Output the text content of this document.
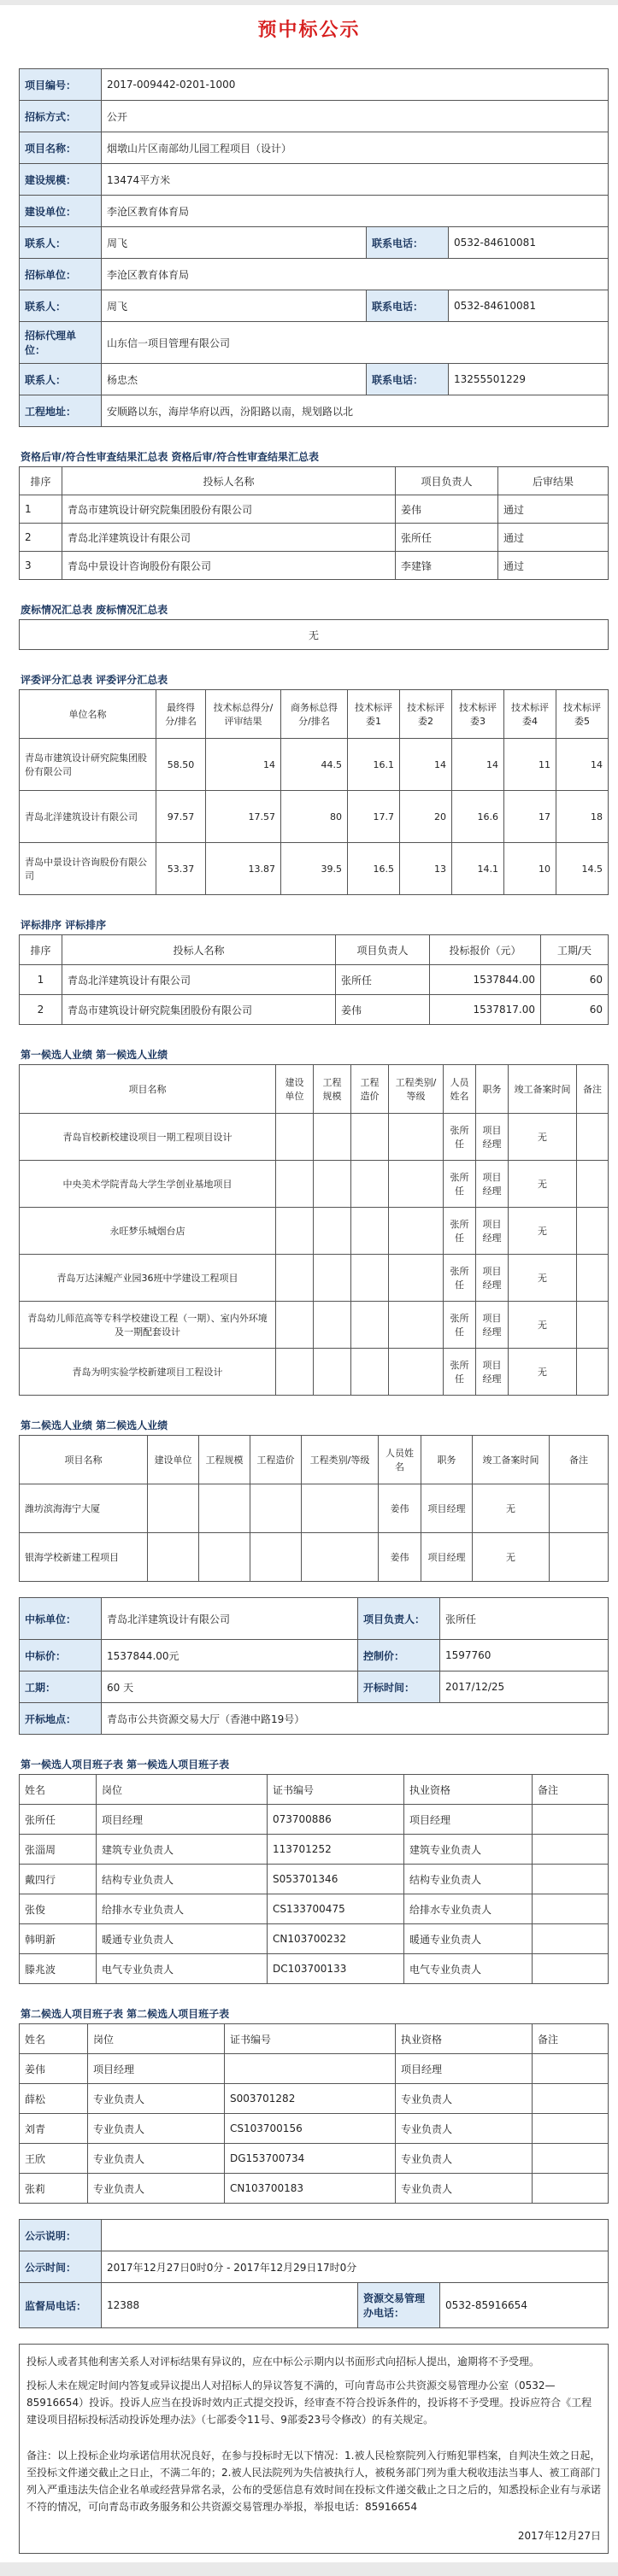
预中标公示
项目编号：	2017-009442-0201-1000		
招标方式：	公开		
项目名称：	烟墩山片区南部幼儿园工程项目（设计）		
建设规模：	13474平方米		
建设单位：	李沧区教育体育局		
联系人：	周飞	联系电话：	0532-84610081
招标单位：	李沧区教育体育局		
联系人：	周飞	联系电话：	0532-84610081
招标代理单位：	山东信一项目管理有限公司		
联系人：	杨忠杰	联系电话：	13255501229
工程地址：	安顺路以东，海岸华府以西，汾阳路以南，规划路以北		
资格后审/符合性审查结果汇总表 资格后审/符合性审查结果汇总表
排序	投标人名称	项目负责人	后审结果
1	青岛市建筑设计研究院集团股份有限公司	姜伟	通过
2	青岛北洋建筑设计有限公司	张所任	通过
3	青岛中景设计咨询股份有限公司	李建锋	通过
废标情况汇总表 废标情况汇总表
无
评委评分汇总表 评委评分汇总表
单位名称	最终得分/排名	技术标总得分/评审结果	商务标总得分/排名	技术标评委1	技术标评委2	技术标评委3	技术标评委4	技术标评委5
青岛市建筑设计研究院集团股份有限公司	58.50	14	44.5	16.1	14	14	11	14
青岛北洋建筑设计有限公司	97.57	17.57	80	17.7	20	16.6	17	18
青岛中景设计咨询股份有限公司	53.37	13.87	39.5	16.5	13	14.1	10	14.5
评标排序 评标排序
排序	投标人名称	项目负责人	投标报价（元）	工期/天
1	青岛北洋建筑设计有限公司	张所任	1537844.00	60
2	青岛市建筑设计研究院集团股份有限公司	姜伟	1537817.00	60
第一候选人业绩 第一候选人业绩
项目名称	建设单位	工程规模	工程造价	工程类别/等级	人员姓名	职务	竣工备案时间	备注
青岛盲校新校建设项目一期工程项目设计					张所任	项目经理	无	
中央美术学院青岛大学生学创业基地项目					张所任	项目经理	无	
永旺梦乐城烟台店					张所任	项目经理	无	
青岛万达涞鲲产业园36班中学建设工程项目					张所任	项目经理	无	
青岛幼儿师范高等专科学校建设工程（一期）、室内外环境及一期配套设计					张所任	项目经理	无	
青岛为明实验学校新建项目工程设计					张所任	项目经理	无	
第二候选人业绩 第二候选人业绩
项目名称	建设单位	工程规模	工程造价	工程类别/等级	人员姓名	职务	竣工备案时间	备注
潍坊滨海海宁大厦					姜伟	项目经理	无	
银海学校新建工程项目					姜伟	项目经理	无	
中标单位：	青岛北洋建筑设计有限公司	项目负责人：	张所任
中标价：	1537844.00元	控制价：	1597760
工期：	60 天	开标时间：	2017/12/25
开标地点：	青岛市公共资源交易大厅（香港中路19号）		
第一候选人项目班子表 第一候选人项目班子表
姓名	岗位	证书编号	执业资格	备注
张所任	项目经理	073700886	项目经理	
张淄周	建筑专业负责人	113701252	建筑专业负责人	
戴四行	结构专业负责人	S053701346	结构专业负责人	
张俊	给排水专业负责人	CS133700475	给排水专业负责人	
韩明新	暖通专业负责人	CN103700232	暖通专业负责人	
滕兆波	电气专业负责人	DC103700133	电气专业负责人	
第二候选人项目班子表 第二候选人项目班子表
姓名	岗位	证书编号	执业资格	备注
姜伟	项目经理		项目经理	
薛松	专业负责人	S003701282	专业负责人	
刘青	专业负责人	CS103700156	专业负责人	
王欣	专业负责人	DG153700734	专业负责人	
张莉	专业负责人	CN103700183	专业负责人	
公示说明：			
公示时间：	2017年12月27日0时0分 - 2017年12月29日17时0分		
监督局电话：	12388	资源交易管理办电话：	0532-85916654

投标人或者其他利害关系人对评标结果有异议的，应在中标公示期内以书面形式向招标人提出，逾期将不予受理。

投标人未在规定时间内答复或异议提出人对招标人的异议答复不满的，可向青岛市公共资源交易管理办公室（0532—85916654）投诉。投诉人应当在投诉时效内正式提交投诉，经审查不符合投诉条件的，投诉将不予受理。投诉应符合《工程建设项目招标投标活动投诉处理办法》（七部委令11号、9部委23号令修改）的有关规定。

备注：以上投标企业均承诺信用状况良好，在参与投标时无以下情况：1.被人民检察院列入行贿犯罪档案，自判决生效之日起，至投标文件递交截止之日止，不满二年的；2.被人民法院列为失信被执行人，被税务部门列为重大税收违法当事人、被工商部门列入严重违法失信企业名单或经营异常名录，公布的受惩信息有效时间在投标文件递交截止之日之后的，知悉投标企业有与承诺不符的情况，可向青岛市政务服务和公共资源交易管理办举报，举报电话：85916654

2017年12月27日
